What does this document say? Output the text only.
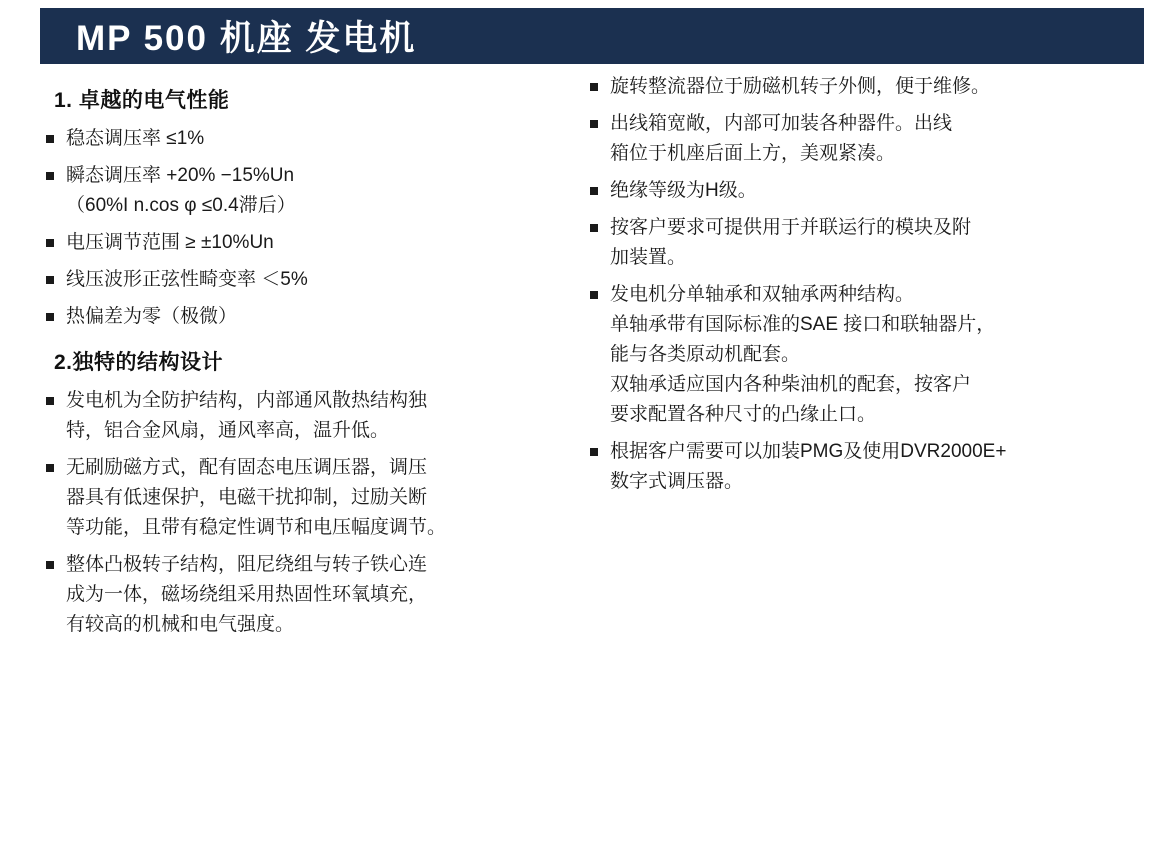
MP 500 机座 发电机
1. 卓越的电气性能
稳态调压率 ≤1%
瞬态调压率 +20% −15%Un
（60%I n.cos φ ≤0.4滞后）
电压调节范围 ≥ ±10%Un
线压波形正弦性畸变率 ＜5%
热偏差为零（极微）
2.独特的结构设计
发电机为全防护结构，内部通风散热结构独
特，铝合金风扇，通风率高，温升低。
无刷励磁方式，配有固态电压调压器，调压
器具有低速保护，电磁干扰抑制，过励关断
等功能，且带有稳定性调节和电压幅度调节。
整体凸极转子结构，阻尼绕组与转子铁心连
成为一体，磁场绕组采用热固性环氧填充，
有较高的机械和电气强度。
旋转整流器位于励磁机转子外侧，便于维修。
出线箱宽敞，内部可加装各种器件。出线
箱位于机座后面上方，美观紧凑。
绝缘等级为H级。
按客户要求可提供用于并联运行的模块及附
加装置。
发电机分单轴承和双轴承两种结构。
单轴承带有国际标准的SAE 接口和联轴器片，
能与各类原动机配套。
双轴承适应国内各种柴油机的配套，按客户
要求配置各种尺寸的凸缘止口。
根据客户需要可以加装PMG及使用DVR2000E+
数字式调压器。
